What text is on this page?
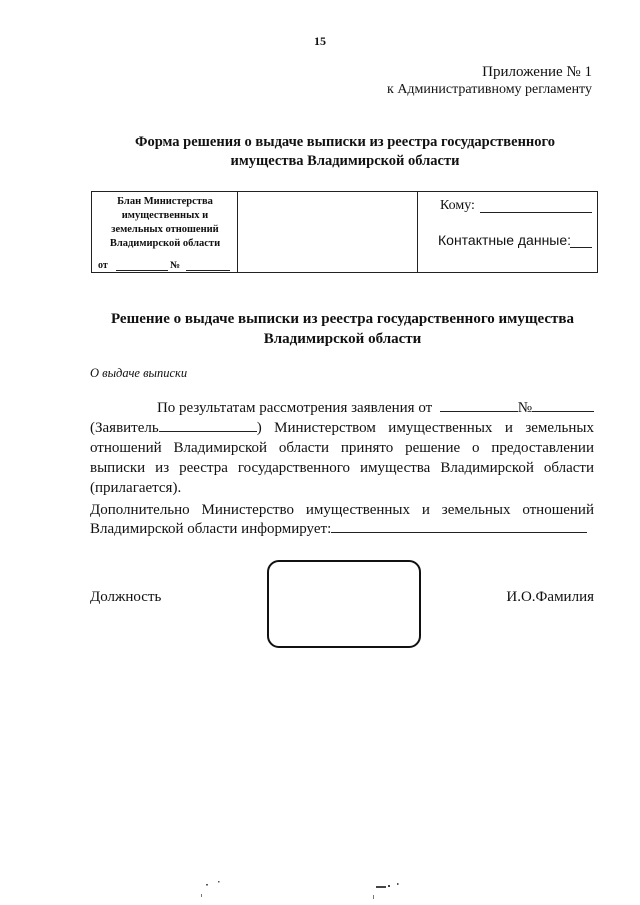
15
Приложение № 1
к Административному регламенту
Форма решения о выдаче выписки из реестра государственного
имущества Владимирской области
Блан Министерства
имущественных и
земельных отношений
Владимирской области
от	№
Кому:
Контактные данные:
Решение о выдаче выписки из реестра государственного имущества
Владимирской области
О выдаче выписки
По результатам рассмотрения заявления от	№
(Заявитель	) Министерством имущественных и земельных отношений Владимирской области принято решение о предоставлении выписки из реестра государственного имущества Владимирской области (прилагается).
Дополнительно Министерство имущественных и земельных отношений Владимирской области информирует:
Должность	И.О.Фамилия
